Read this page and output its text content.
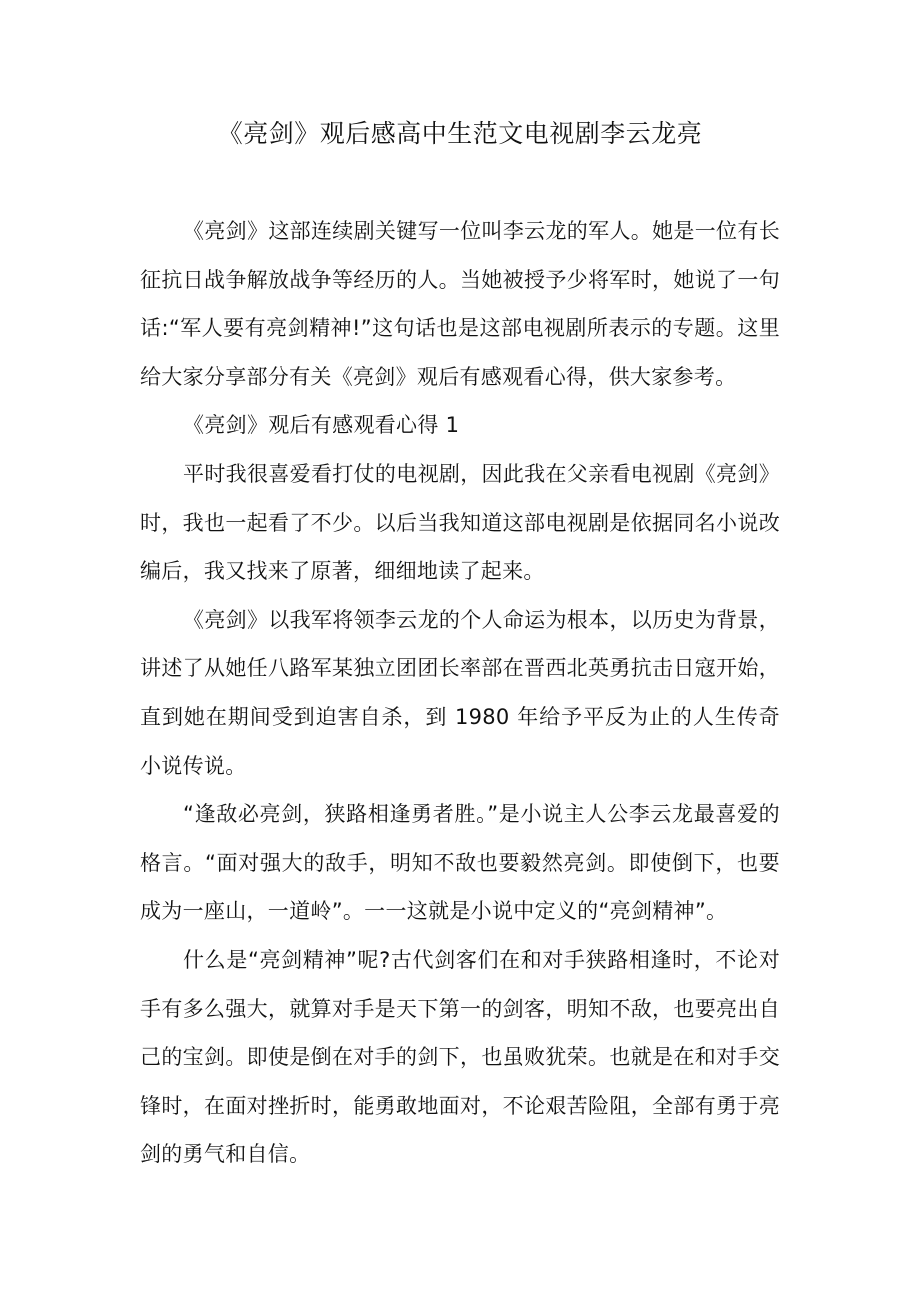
《亮剑》观后感高中生范文电视剧李云龙亮

《亮剑》这部连续剧关键写一位叫李云龙的军人。她是一位有长征抗日战争解放战争等经历的人。当她被授予少将军时，她说了一句话:“军人要有亮剑精神!”这句话也是这部电视剧所表示的专题。这里给大家分享部分有关《亮剑》观后有感观看心得，供大家参考。

《亮剑》观后有感观看心得 1

平时我很喜爱看打仗的电视剧，因此我在父亲看电视剧《亮剑》时，我也一起看了不少。以后当我知道这部电视剧是依据同名小说改编后，我又找来了原著，细细地读了起来。

《亮剑》以我军将领李云龙的个人命运为根本，以历史为背景，讲述了从她任八路军某独立团团长率部在晋西北英勇抗击日寇开始，直到她在期间受到迫害自杀，到 1980 年给予平反为止的人生传奇小说传说。

“逢敌必亮剑，狭路相逢勇者胜。”是小说主人公李云龙最喜爱的格言。“面对强大的敌手，明知不敌也要毅然亮剑。即使倒下，也要成为一座山，一道岭”。一一这就是小说中定义的“亮剑精神”。

什么是“亮剑精神”呢?古代剑客们在和对手狭路相逢时，不论对手有多么强大，就算对手是天下第一的剑客，明知不敌，也要亮出自己的宝剑。即使是倒在对手的剑下，也虽败犹荣。也就是在和对手交锋时，在面对挫折时，能勇敢地面对，不论艰苦险阻，全部有勇于亮剑的勇气和自信。
